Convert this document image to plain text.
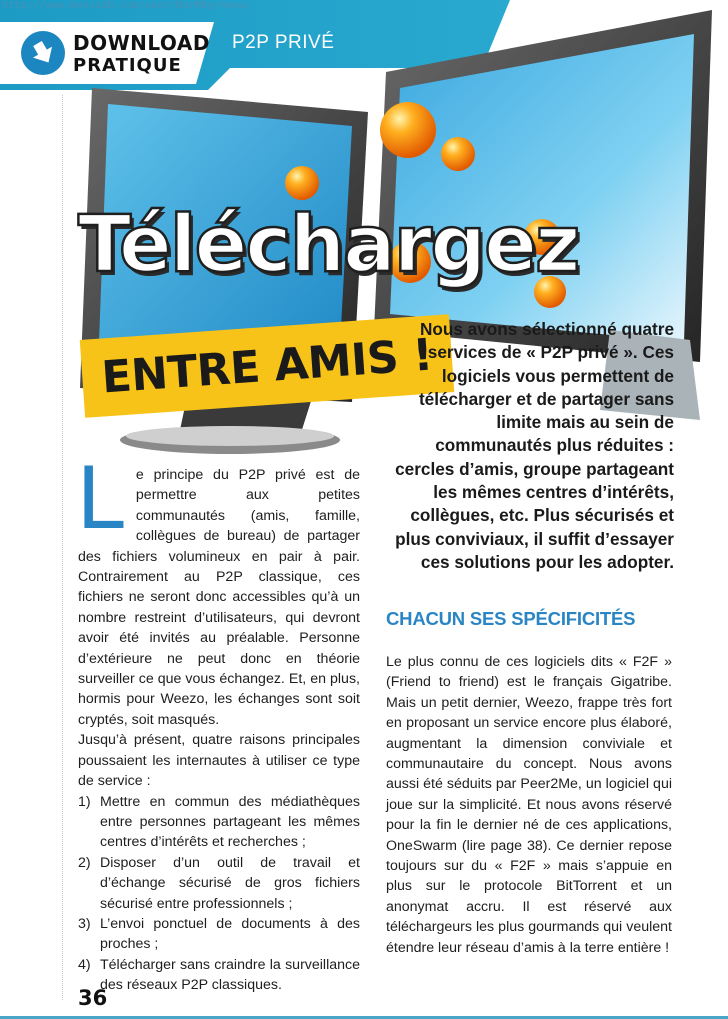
http://www.movizdb.com/user/BarMBy/news/
DOWNLOAD
PRATIQUE
P2P PRIVÉ
Téléchargez
ENTRE AMIS !
Nous avons sélectionné quatre services de « P2P privé ». Ces logiciels vous permettent de télécharger et de partager sans limite mais au sein de communautés plus réduites : cercles d’amis, groupe partageant les mêmes centres d’intérêts, collègues, etc. Plus sécurisés et plus conviviaux, il suffit d’essayer ces solutions pour les adopter.

Le principe du P2P privé est de permettre aux petites communautés (amis, famille, collègues de bureau) de partager des fichiers volumineux en pair à pair. Contrairement au P2P classique, ces fichiers ne seront donc accessibles qu’à un nombre restreint d’utilisateurs, qui devront avoir été invités au préalable. Personne d’extérieure ne peut donc en théorie surveiller ce que vous échangez. Et, en plus, hormis pour Weezo, les échanges sont soit cryptés, soit masqués.

Jusqu’à présent, quatre raisons principales poussaient les internautes à utiliser ce type de service :

1) Mettre en commun des médiathèques entre personnes partageant les mêmes centres d’intérêts et recherches ;
2) Disposer d’un outil de travail et d’échange sécurisé de gros fichiers sécurisé entre professionnels ;
3) L’envoi ponctuel de documents à des proches ;
4) Télécharger sans craindre la surveillance des réseaux P2P classiques.
CHACUN SES SPÉCIFICITÉS
Le plus connu de ces logiciels dits « F2F » (Friend to friend) est le français Gigatribe. Mais un petit dernier, Weezo, frappe très fort en proposant un service encore plus élaboré, augmentant la dimension conviviale et communautaire du concept. Nous avons aussi été séduits par Peer2Me, un logiciel qui joue sur la simplicité. Et nous avons réservé pour la fin le dernier né de ces applications, OneSwarm (lire page 38). Ce dernier repose toujours sur du « F2F » mais s’appuie en plus sur le protocole BitTorrent et un anonymat accru. Il est réservé aux téléchargeurs les plus gourmands qui veulent étendre leur réseau d’amis à la terre entière !
36
